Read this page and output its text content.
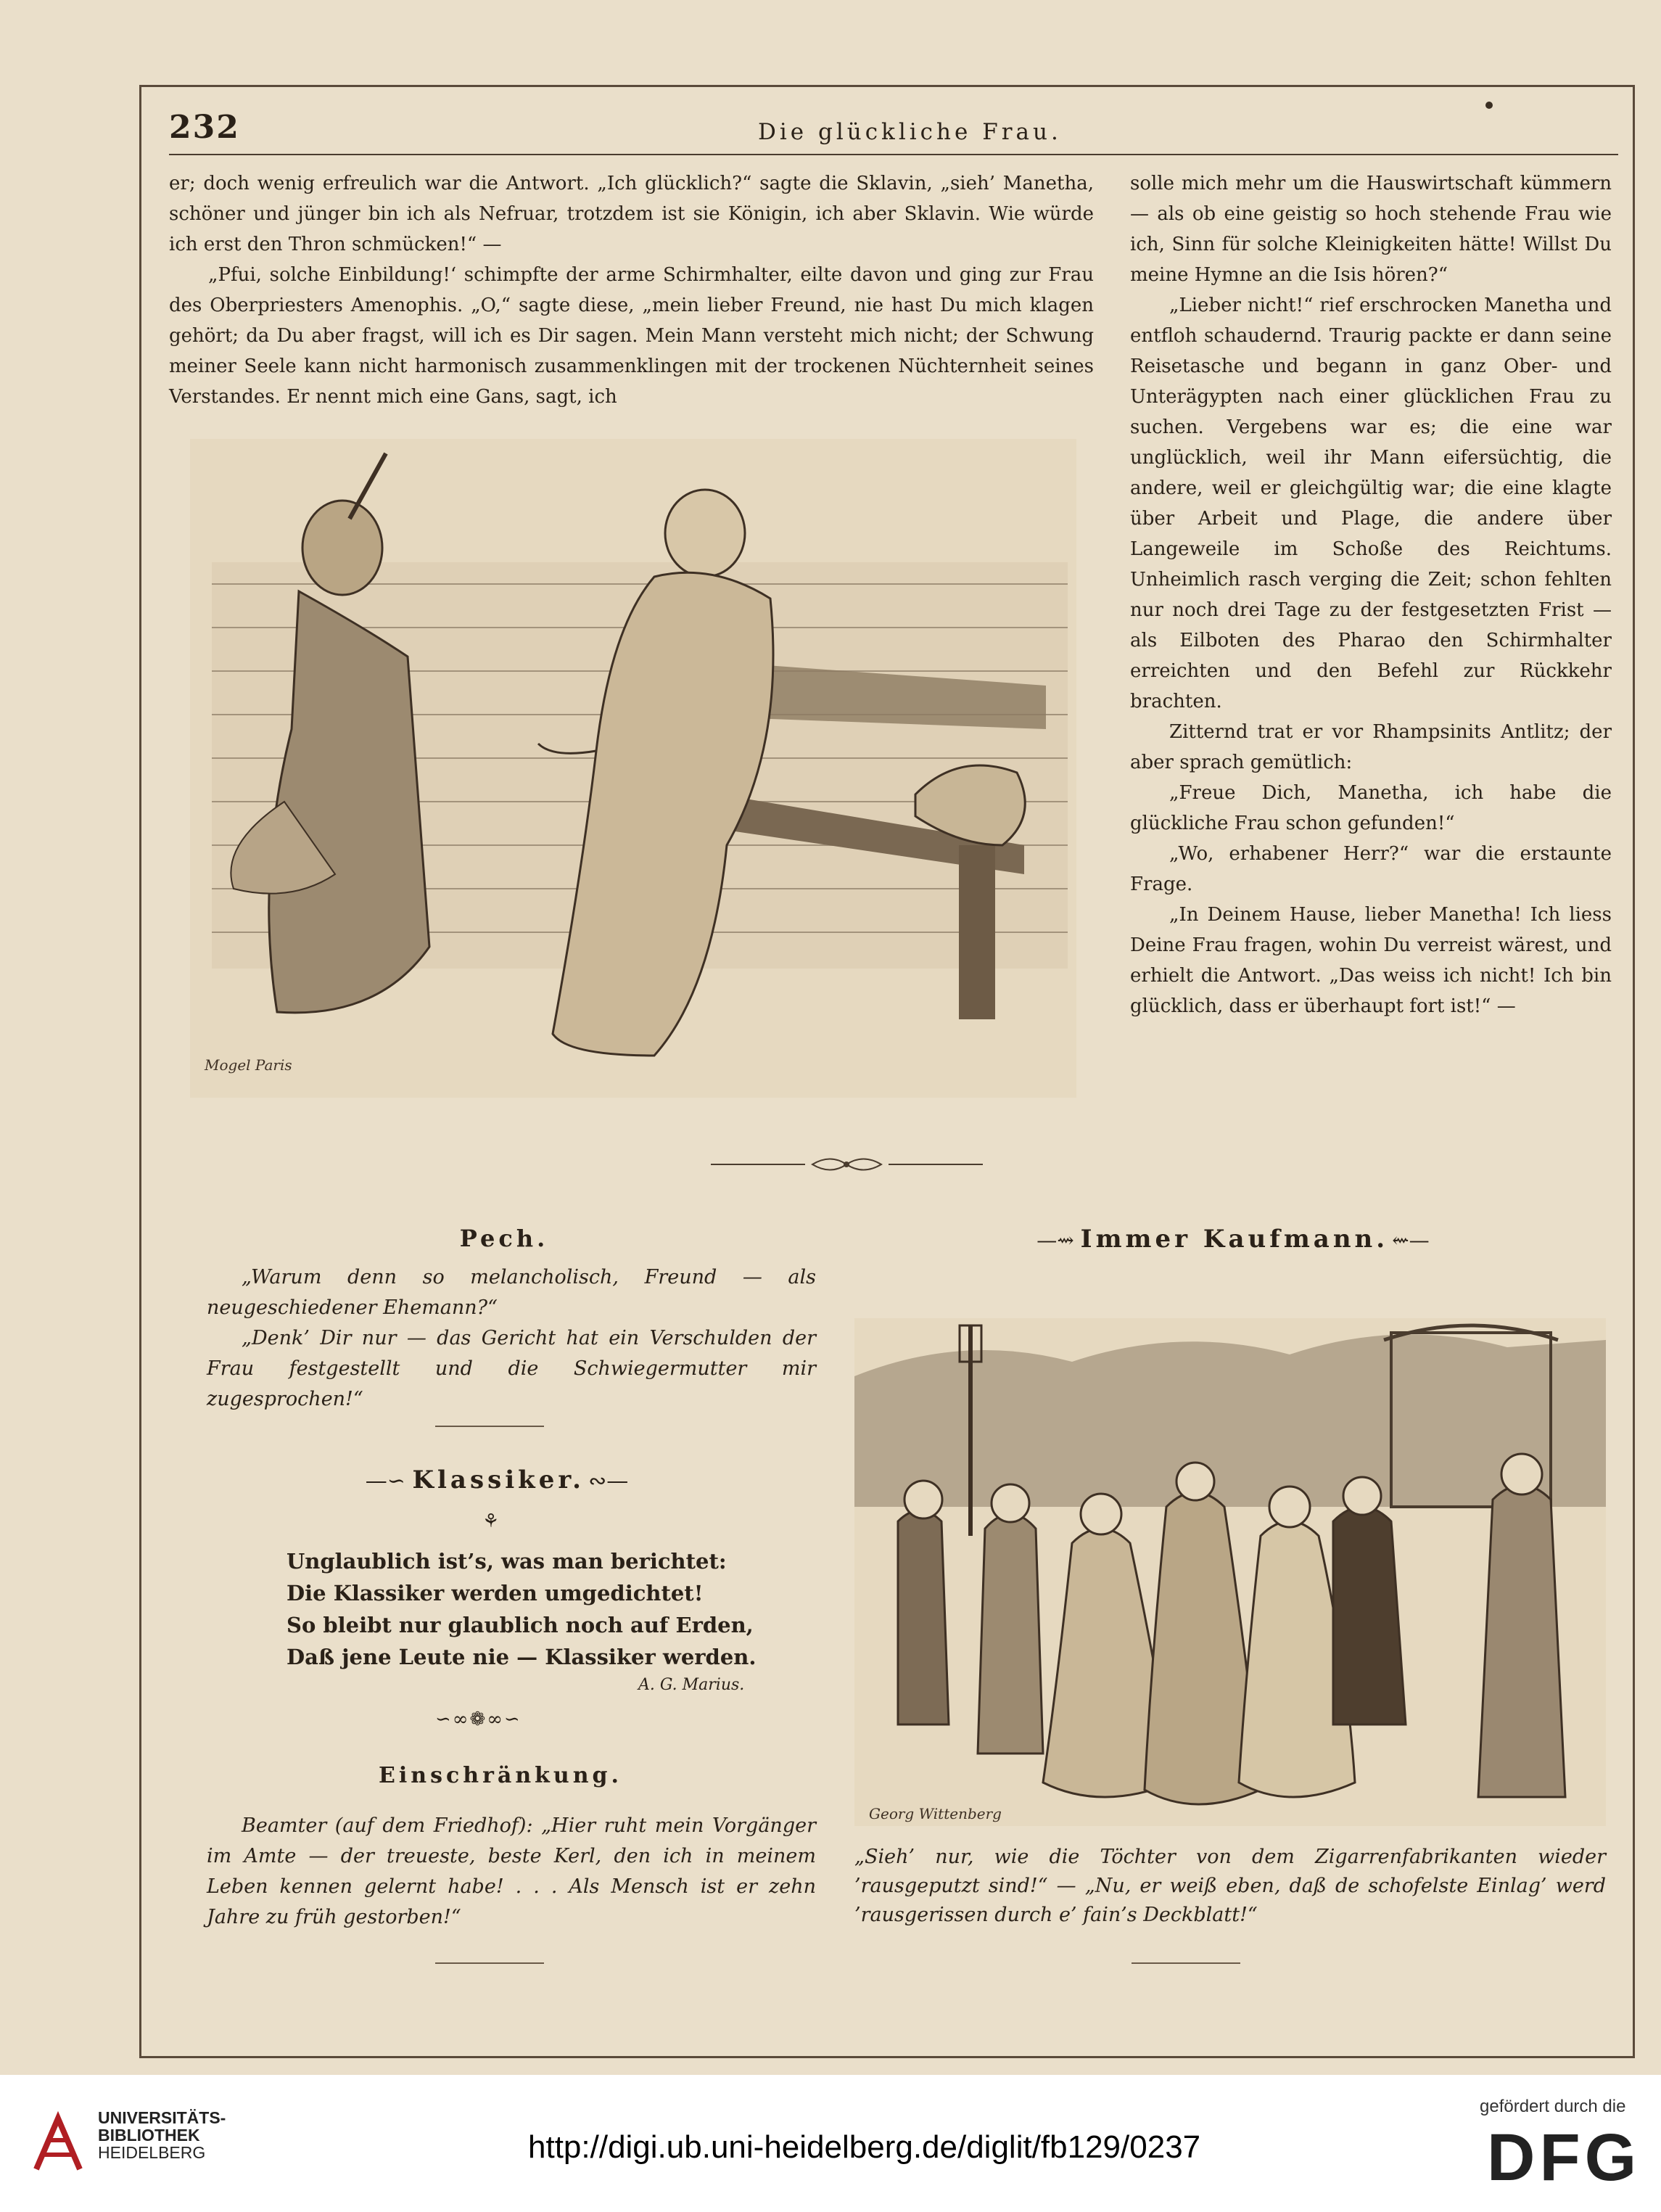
232	Die glückliche Frau.

er; doch wenig erfreulich war die Antwort. „Ich glücklich?“ sagte die Sklavin, „sieh’ Manetha, schöner und jünger bin ich als Nefruar, trotzdem ist sie Königin, ich aber Sklavin. Wie würde ich erst den Thron schmücken!“ —

„Pfui, solche Einbildung!‘ schimpfte der arme Schirmhalter, eilte davon und ging zur Frau des Oberpriesters Amenophis. „O,“ sagte diese, „mein lieber Freund, nie hast Du mich klagen gehört; da Du aber fragst, will ich es Dir sagen. Mein Mann versteht mich nicht; der Schwung meiner Seele kann nicht harmonisch zusammenklingen mit der trockenen Nüchternheit seines Verstandes. Er nennt mich eine Gans, sagt, ich

solle mich mehr um die Hauswirtschaft kümmern — als ob eine geistig so hoch stehende Frau wie ich, Sinn für solche Kleinigkeiten hätte! Willst Du meine Hymne an die Isis hören?“

„Lieber nicht!“ rief erschrocken Manetha und entfloh schaudernd. Traurig packte er dann seine Reisetasche und begann in ganz Ober- und Unterägypten nach einer glücklichen Frau zu suchen. Vergebens war es; die eine war unglücklich, weil ihr Mann eifersüchtig, die andere, weil er gleichgültig war; die eine klagte über Arbeit und Plage, die andere über Langeweile im Schoße des Reichtums. Unheimlich rasch verging die Zeit; schon fehlten nur noch drei Tage zu der festgesetzten Frist — als Eilboten des Pharao den Schirmhalter erreichten und den Befehl zur Rückkehr brachten.

Zitternd trat er vor Rhampsinits Antlitz; der aber sprach gemütlich:

„Freue Dich, Manetha, ich habe die glückliche Frau schon gefunden!“

„Wo, erhabener Herr?“ war die erstaunte Frage.

„In Deinem Hause, lieber Manetha! Ich liess Deine Frau fragen, wohin Du verreist wärest, und erhielt die Antwort. „Das weiss ich nicht! Ich bin glücklich, dass er überhaupt fort ist!“ —

Mogel Paris
Pech.

„Warum denn so melancholisch, Freund — als neugeschiedener Ehemann?“

„Denk’ Dir nur — das Gericht hat ein Verschulden der Frau festgestellt und die Schwiegermutter mir zugesprochen!“

—∽ Klassiker. ∾—
⚘

Unglaublich ist’s, was man berichtet:

Die Klassiker werden umgedichtet!

So bleibt nur glaublich noch auf Erden,

Daß jene Leute nie — Klassiker werden.

A. G. Marius.
∽∞❁∞∽
Einschränkung.

Beamter (auf dem Friedhof): „Hier ruht mein Vorgänger im Amte — der treueste, beste Kerl, den ich in meinem Leben kennen gelernt habe! . . . Als Mensch ist er zehn Jahre zu früh gestorben!“

—⇝ Immer Kaufmann. ⇜—
Georg Wittenberg

„Sieh’ nur, wie die Töchter von dem Zigarrenfabrikanten wieder ’rausgeputzt sind!“ — „Nu, er weiß eben, daß de schofelste Einlag’ werd ’rausgerissen durch e’ fain’s Deckblatt!“

UNIVERSITÄTS-
BIBLIOTHEK
HEIDELBERG	http://digi.ub.uni-heidelberg.de/diglit/fb129/0237
gefördert durch die
DFG
